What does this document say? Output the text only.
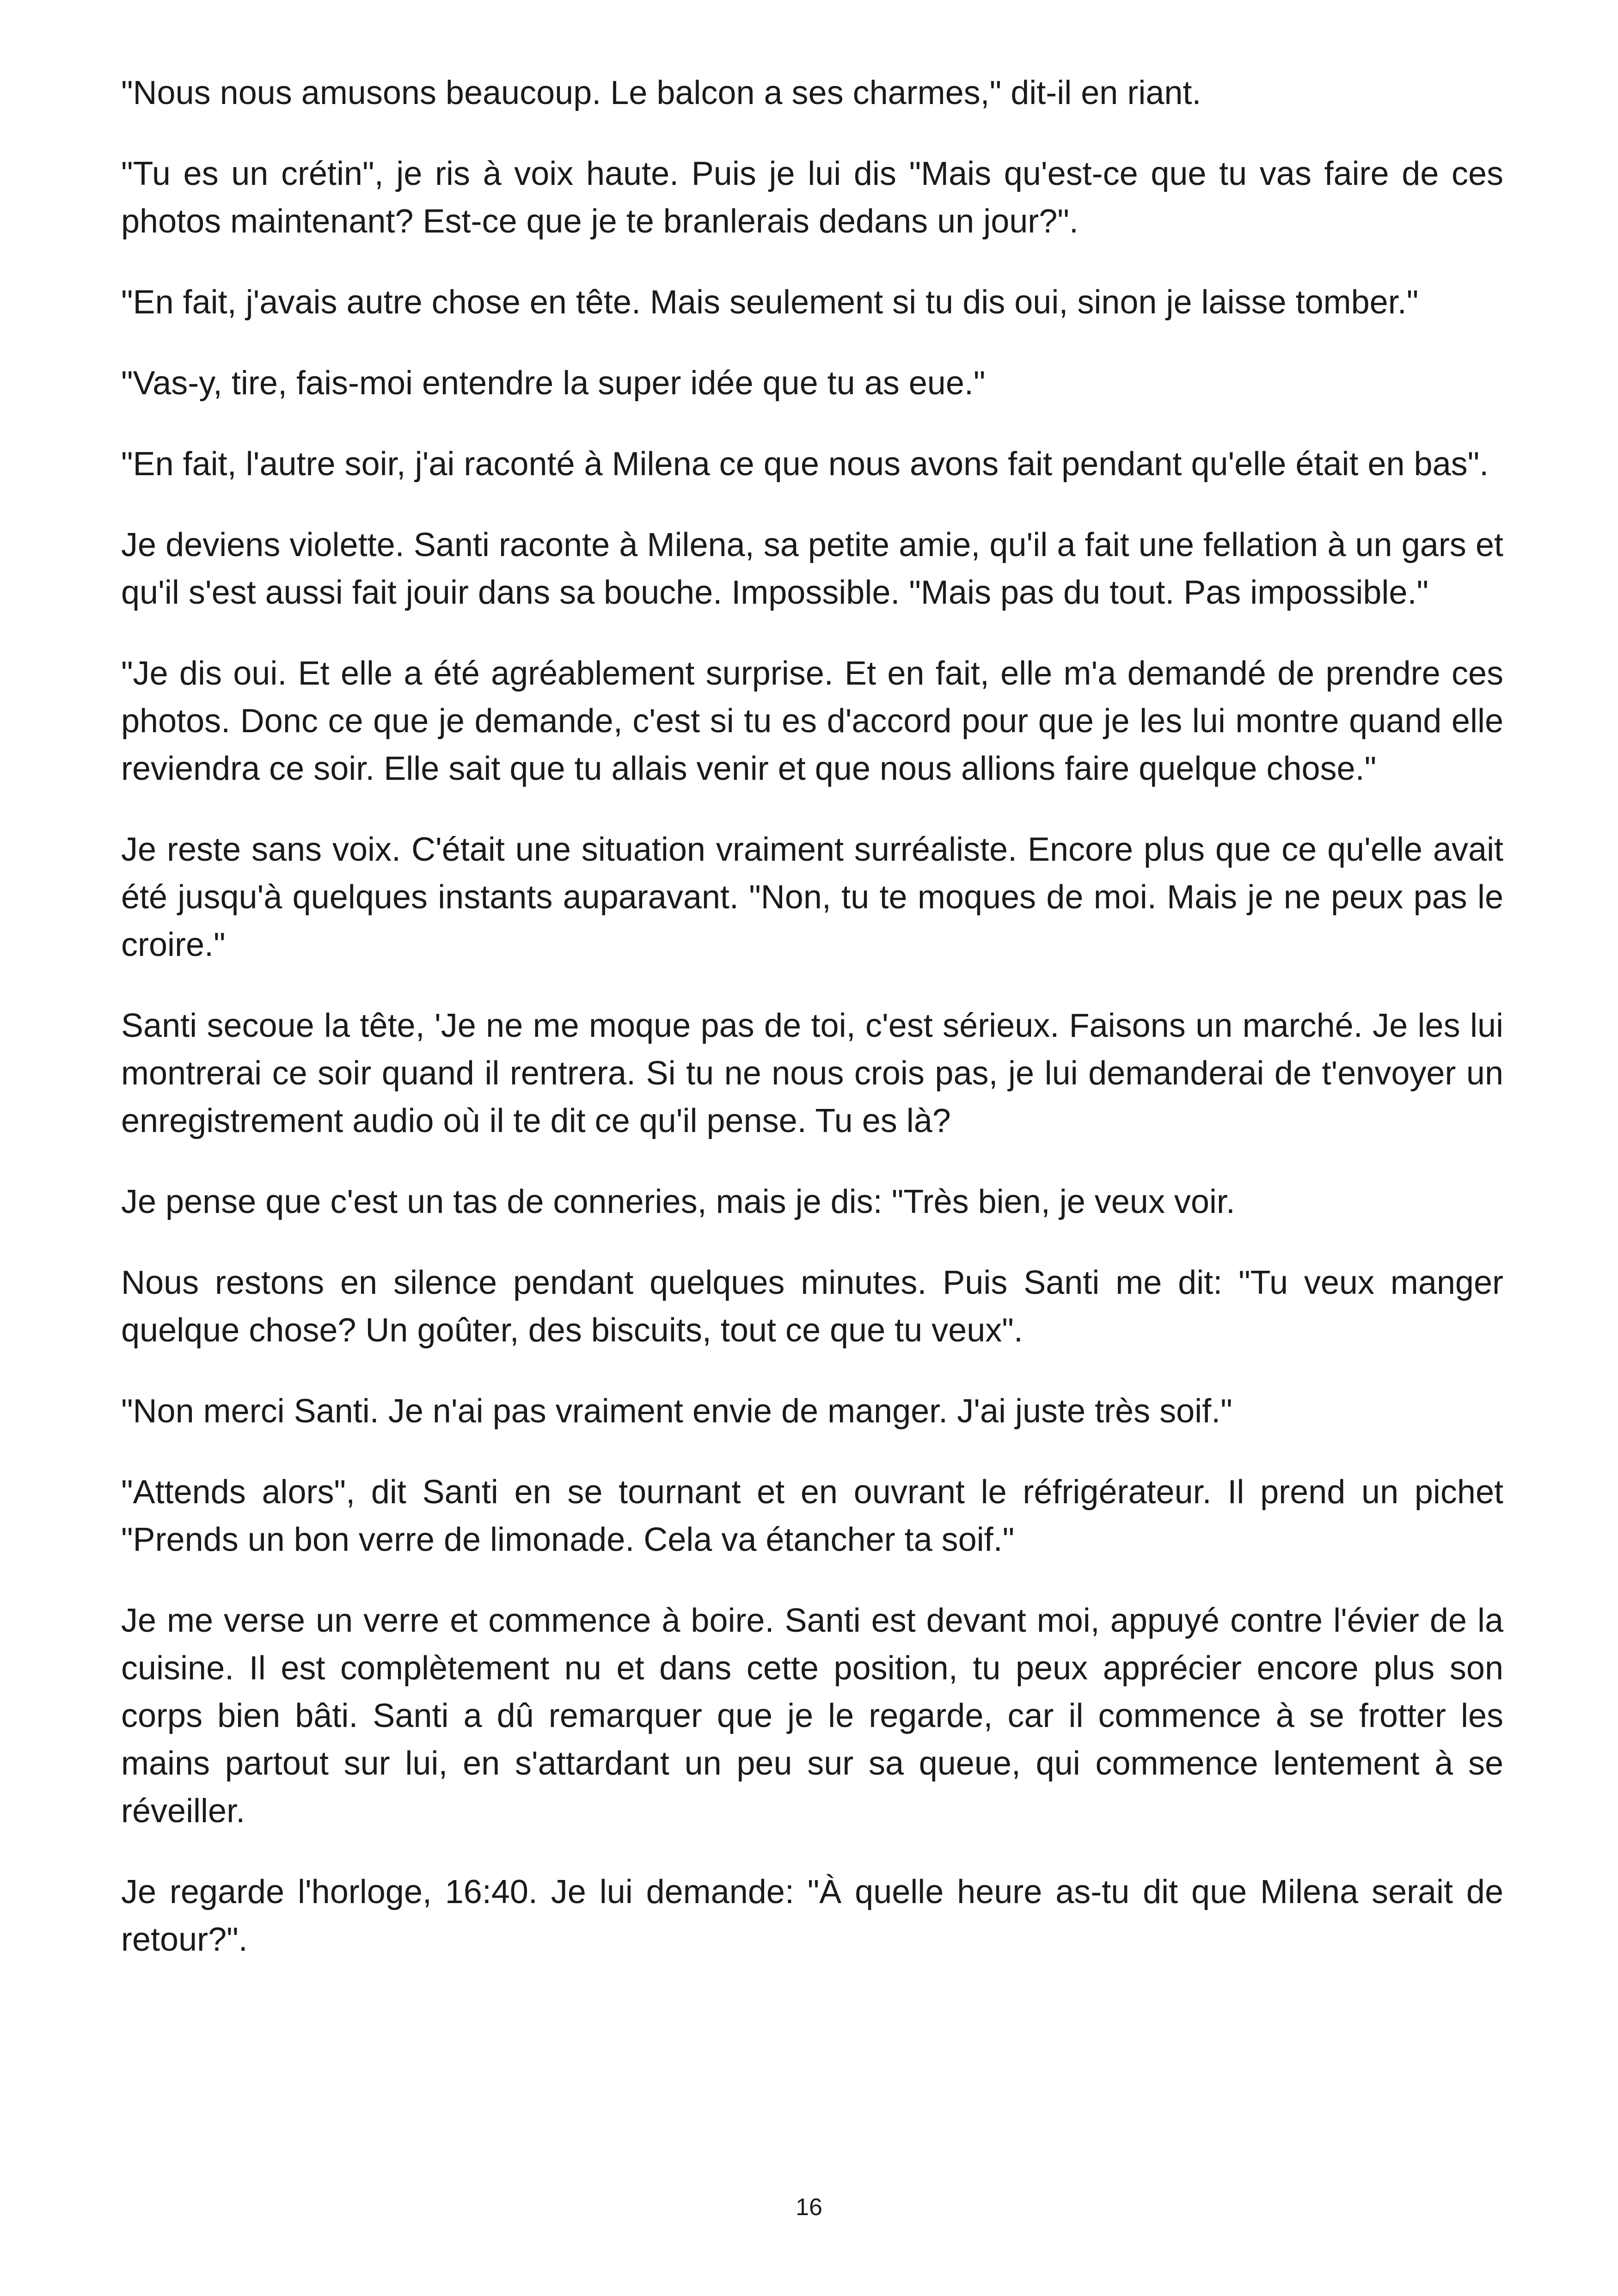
"Nous nous amusons beaucoup. Le balcon a ses charmes," dit-il en riant.

"Tu es un crétin", je ris à voix haute. Puis je lui dis "Mais qu'est-ce que tu vas faire de ces photos maintenant? Est-ce que je te branlerais dedans un jour?".

"En fait, j'avais autre chose en tête. Mais seulement si tu dis oui, sinon je laisse tomber."

"Vas-y, tire, fais-moi entendre la super idée que tu as eue."

"En fait, l'autre soir, j'ai raconté à Milena ce que nous avons fait pendant qu'elle était en bas".

Je deviens violette. Santi raconte à Milena, sa petite amie, qu'il a fait une fellation à un gars et qu'il s'est aussi fait jouir dans sa bouche. Impossible. "Mais pas du tout. Pas impossible."

"Je dis oui. Et elle a été agréablement surprise. Et en fait, elle m'a demandé de prendre ces photos. Donc ce que je demande, c'est si tu es d'accord pour que je les lui montre quand elle reviendra ce soir. Elle sait que tu allais venir et que nous allions faire quelque chose."

Je reste sans voix. C'était une situation vraiment surréaliste. Encore plus que ce qu'elle avait été jusqu'à quelques instants auparavant. "Non, tu te moques de moi. Mais je ne peux pas le croire."

Santi secoue la tête, 'Je ne me moque pas de toi, c'est sérieux. Faisons un marché. Je les lui montrerai ce soir quand il rentrera. Si tu ne nous crois pas, je lui demanderai de t'envoyer un enregistrement audio où il te dit ce qu'il pense. Tu es là?

Je pense que c'est un tas de conneries, mais je dis: "Très bien, je veux voir.

Nous restons en silence pendant quelques minutes. Puis Santi me dit: "Tu veux manger quelque chose? Un goûter, des biscuits, tout ce que tu veux".

"Non merci Santi. Je n'ai pas vraiment envie de manger. J'ai juste très soif."

"Attends alors", dit Santi en se tournant et en ouvrant le réfrigérateur. Il prend un pichet "Prends un bon verre de limonade. Cela va étancher ta soif."

Je me verse un verre et commence à boire. Santi est devant moi, appuyé contre l'évier de la cuisine. Il est complètement nu et dans cette position, tu peux apprécier encore plus son corps bien bâti. Santi a dû remarquer que je le regarde, car il commence à se frotter les mains partout sur lui, en s'attardant un peu sur sa queue, qui commence lentement à se réveiller.

Je regarde l'horloge, 16:40. Je lui demande: "À quelle heure as-tu dit que Milena serait de retour?".

16
